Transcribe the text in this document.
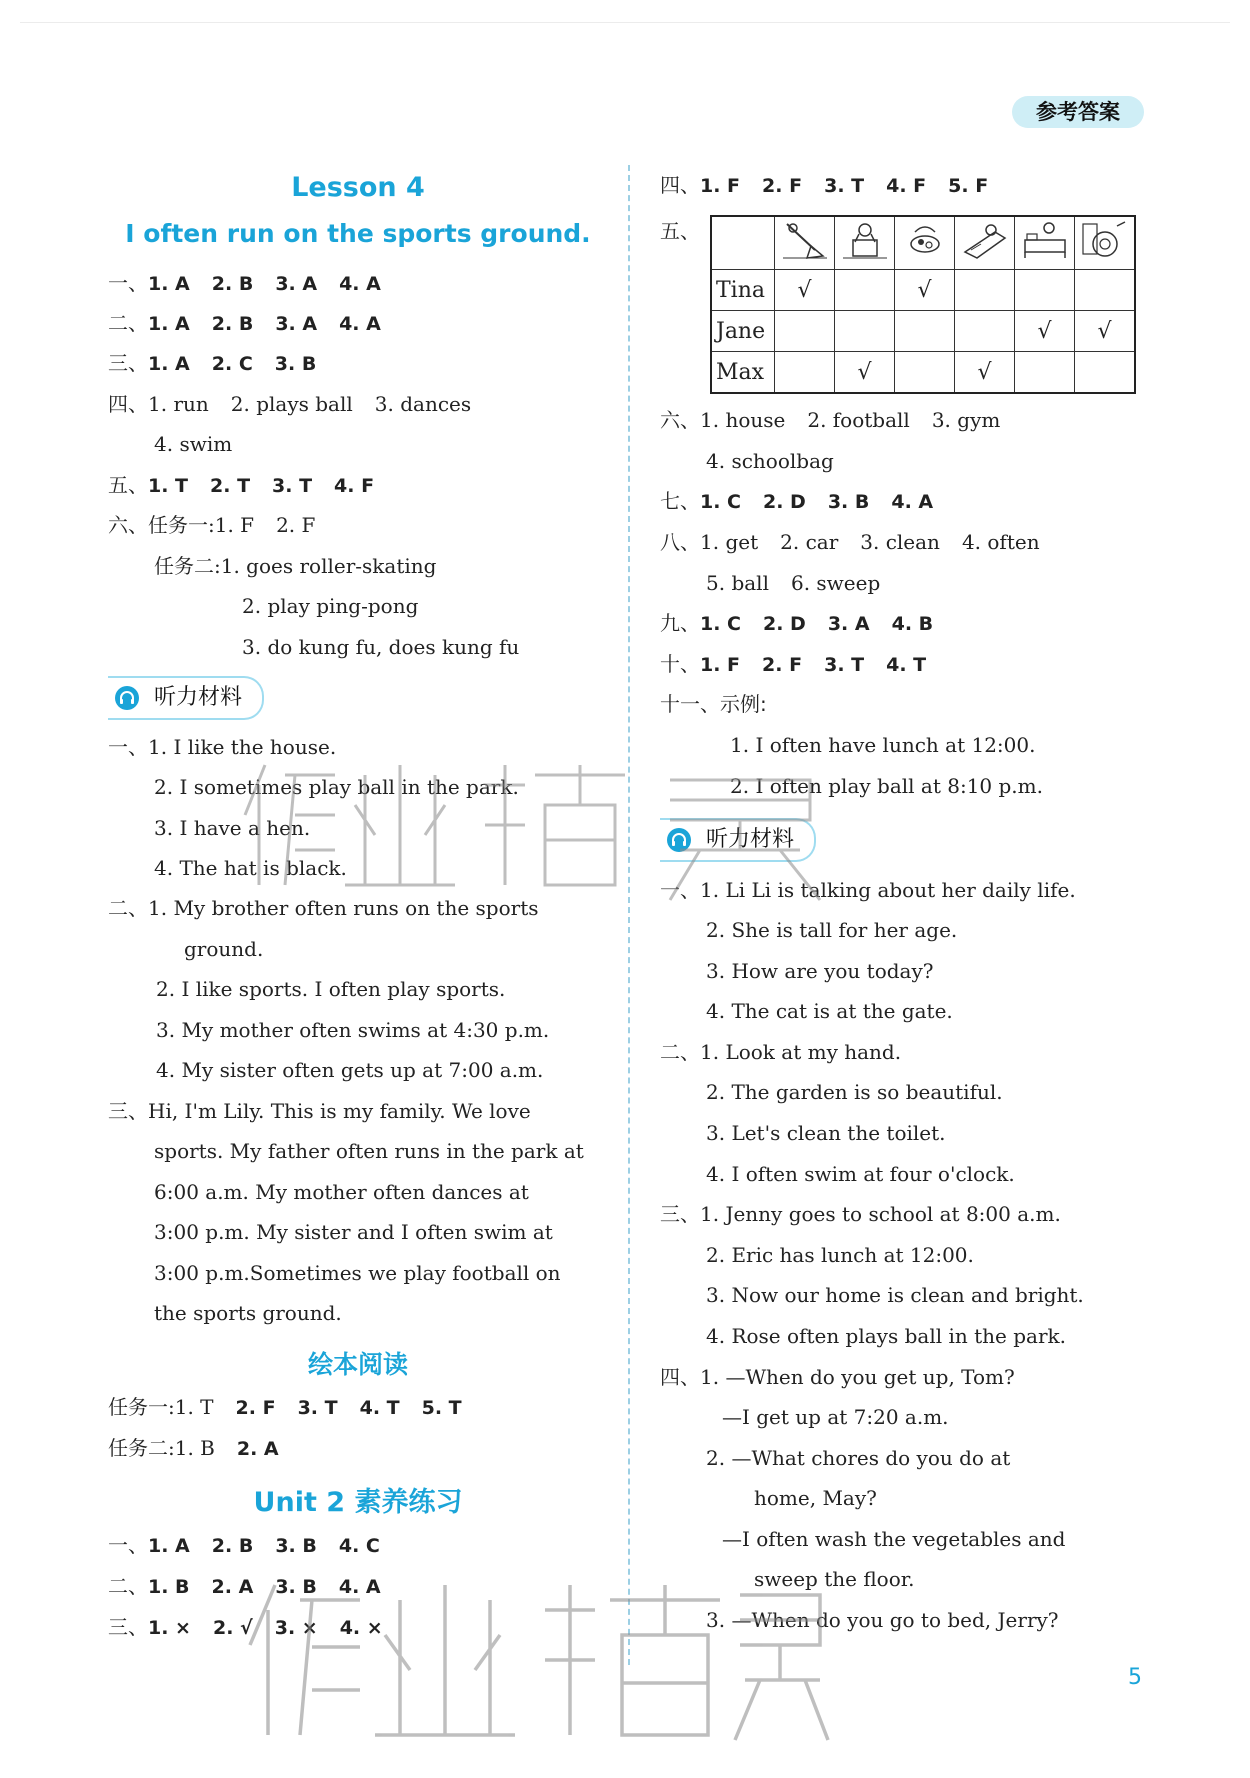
参考答案
Lesson 4
I often run on the sports ground.
一、1. A 2. B 3. A 4. A
二、1. A 2. B 3. A 4. A
三、1. A 2. C 3. B
四、1. run 2. plays ball 3. dances
4. swim
五、1. T 2. T 3. T 4. F
六、任务一:1. F 2. F
任务二:1. goes roller-skating
2. play ping-pong
3. do kung fu, does kung fu
听力材料
一、1. I like the house.
2. I sometimes play ball in the park.
3. I have a hen.
4. The hat is black.
二、1. My brother often runs on the sports
ground.
2. I like sports. I often play sports.
3. My mother often swims at 4:30 p.m.
4. My sister often gets up at 7:00 a.m.
三、Hi, I'm Lily. This is my family. We love
sports. My father often runs in the park at
6:00 a.m. My mother often dances at
3:00 p.m. My sister and I often swim at
3:00 p.m.Sometimes we play football on
the sports ground.
绘本阅读
任务一:1. T 2. F 3. T 4. T 5. T
任务二:1. B 2. A
Unit 2 素养练习
一、1. A 2. B 3. B 4. C
二、1. B 2. A 3. B 4. A
三、1. × 2. √ 3. × 4. ×
四、1. F 2. F 3. T 4. F 5. F
五、

Tina	√		√			
Jane					√	√
Max		√		√		
六、1. house 2. football 3. gym
4. schoolbag
七、1. C 2. D 3. B 4. A
八、1. get 2. car 3. clean 4. often
5. ball 6. sweep
九、1. C 2. D 3. A 4. B
十、1. F 2. F 3. T 4. T
十一、示例:
1. I often have lunch at 12:00.
2. I often play ball at 8:10 p.m.
听力材料
一、1. Li Li is talking about her daily life.
2. She is tall for her age.
3. How are you today?
4. The cat is at the gate.
二、1. Look at my hand.
2. The garden is so beautiful.
3. Let's clean the toilet.
4. I often swim at four o'clock.
三、1. Jenny goes to school at 8:00 a.m.
2. Eric has lunch at 12:00.
3. Now our home is clean and bright.
4. Rose often plays ball in the park.
四、1. —When do you get up, Tom?
—I get up at 7:20 a.m.
2. —What chores do you do at
home, May?
—I often wash the vegetables and
sweep the floor.
3. —When do you go to bed, Jerry?
5
